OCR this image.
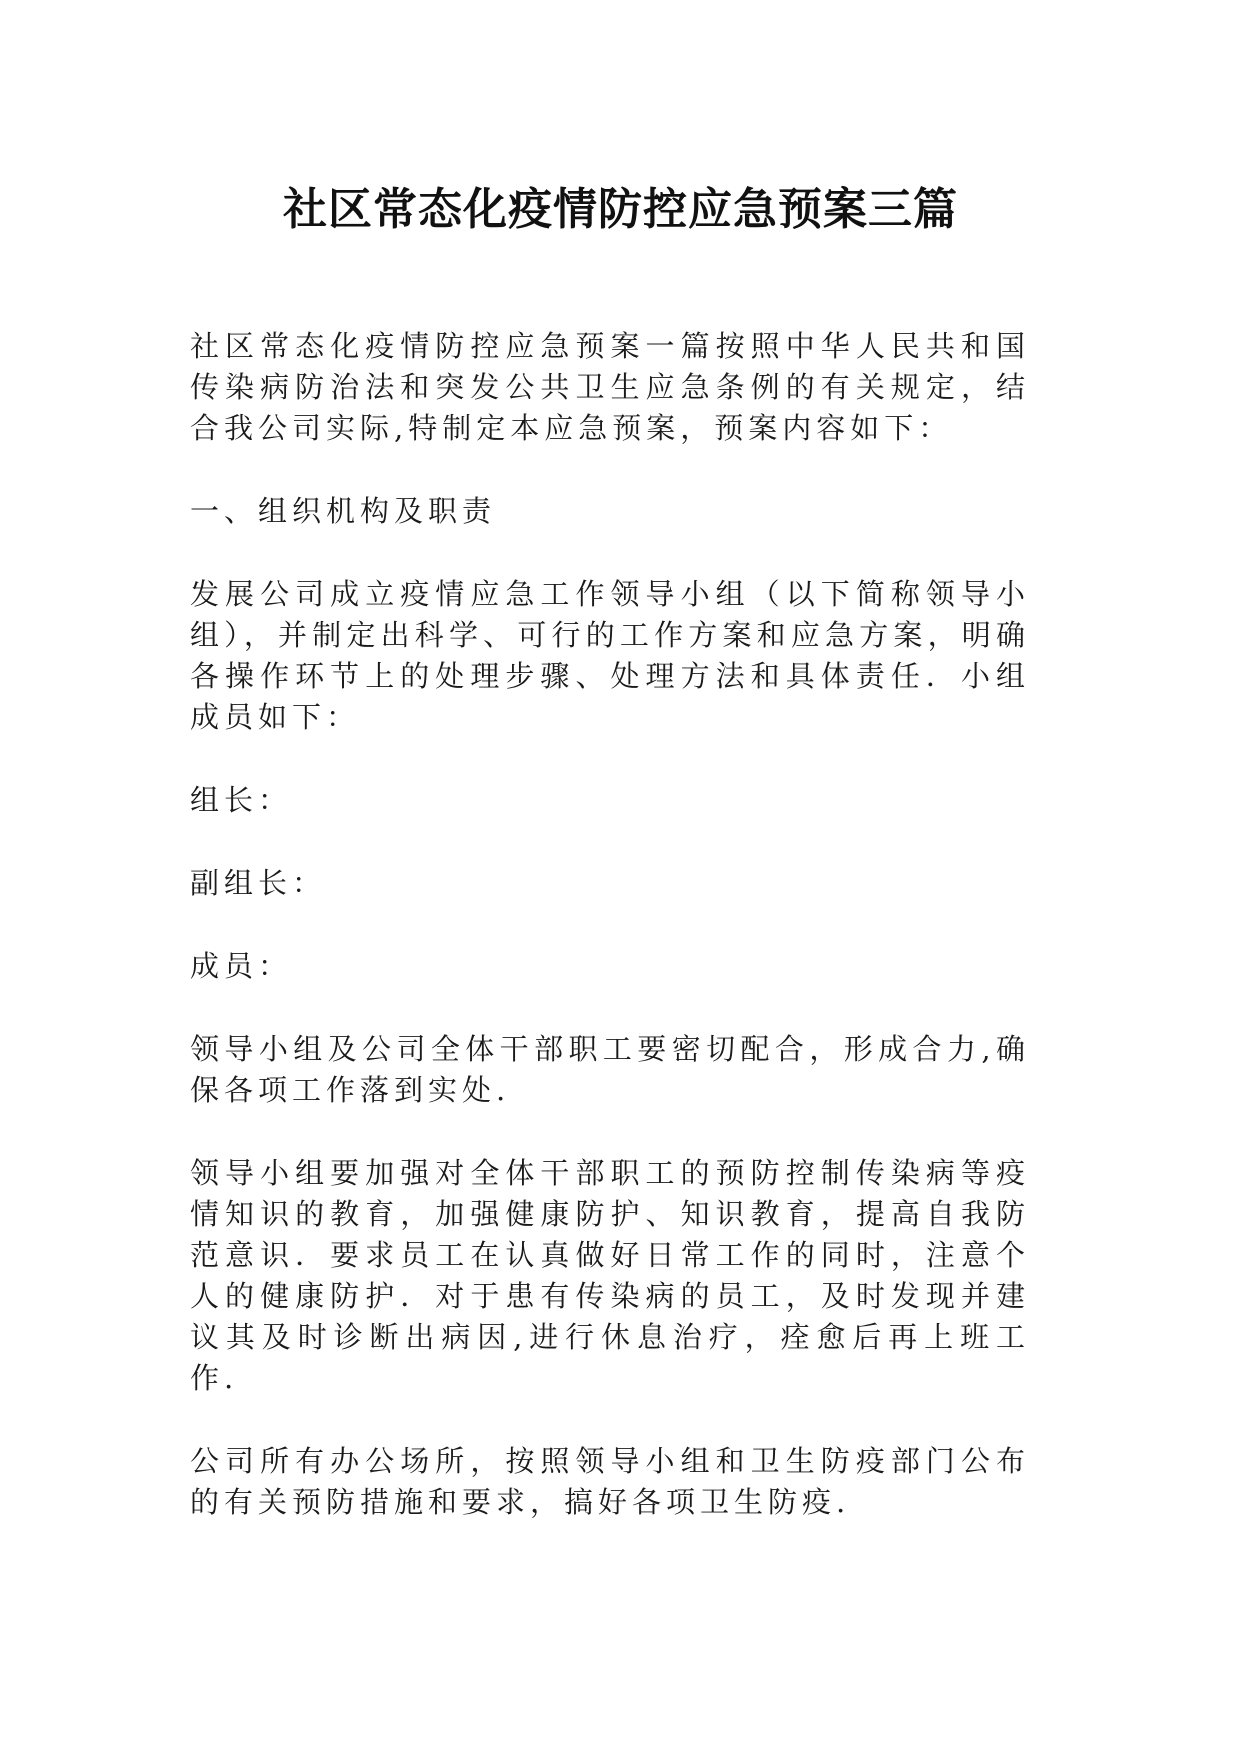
社区常态化疫情防控应急预案三篇

社区常态化疫情防控应急预案一篇按照中华人民共和国传染病防治法和突发公共卫生应急条例的有关规定，结合我公司实际,特制定本应急预案，预案内容如下：

一、组织机构及职责

发展公司成立疫情应急工作领导小组（以下简称领导小组），并制定出科学、可行的工作方案和应急方案，明确各操作环节上的处理步骤、处理方法和具体责任．小组成员如下：

组长：

副组长：

成员：

领导小组及公司全体干部职工要密切配合，形成合力,确保各项工作落到实处.

领导小组要加强对全体干部职工的预防控制传染病等疫情知识的教育，加强健康防护、知识教育，提高自我防范意识．要求员工在认真做好日常工作的同时，注意个人的健康防护．对于患有传染病的员工，及时发现并建议其及时诊断出病因,进行休息治疗，痊愈后再上班工作.

公司所有办公场所，按照领导小组和卫生防疫部门公布的有关预防措施和要求，搞好各项卫生防疫.
